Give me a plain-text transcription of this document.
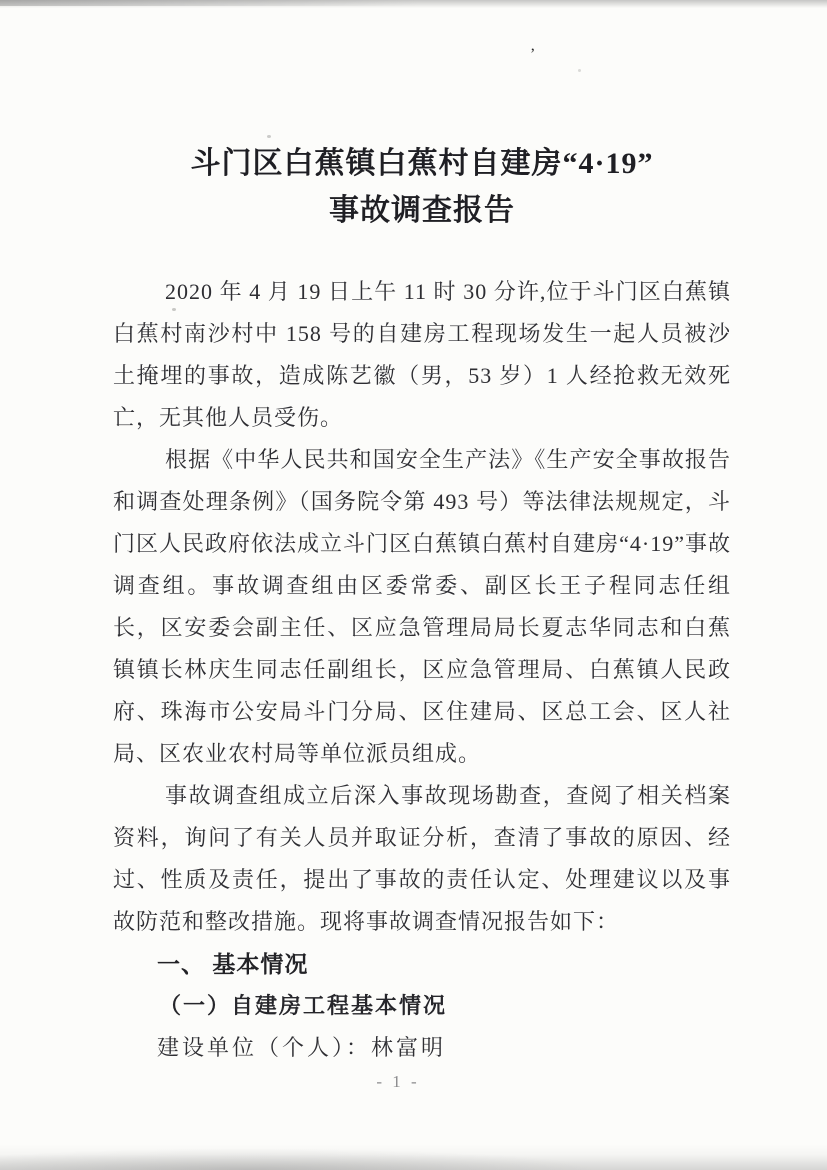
’
斗门区白蕉镇白蕉村自建房“4·19”
事故调查报告

2020 年 4 月 19 日上午 11 时 30 分许,位于斗门区白蕉镇白蕉村南沙村中 158 号的自建房工程现场发生一起人员被沙土掩埋的事故，造成陈艺徽（男，53 岁）1 人经抢救无效死亡，无其他人员受伤。

根据《中华人民共和国安全生产法》《生产安全事故报告和调查处理条例》（国务院令第 493 号）等法律法规规定，斗门区人民政府依法成立斗门区白蕉镇白蕉村自建房“4·19”事故调查组。事故调查组由区委常委、副区长王子程同志任组长，区安委会副主任、区应急管理局局长夏志华同志和白蕉镇镇长林庆生同志任副组长，区应急管理局、白蕉镇人民政府、珠海市公安局斗门分局、区住建局、区总工会、区人社局、区农业农村局等单位派员组成。

事故调查组成立后深入事故现场勘查，查阅了相关档案资料，询问了有关人员并取证分析，查清了事故的原因、经过、性质及责任，提出了事故的责任认定、处理建议以及事故防范和整改措施。现将事故调查情况报告如下：

一、 基本情况
（一）自建房工程基本情况

建设单位（个人）：林富明

- 1 -
